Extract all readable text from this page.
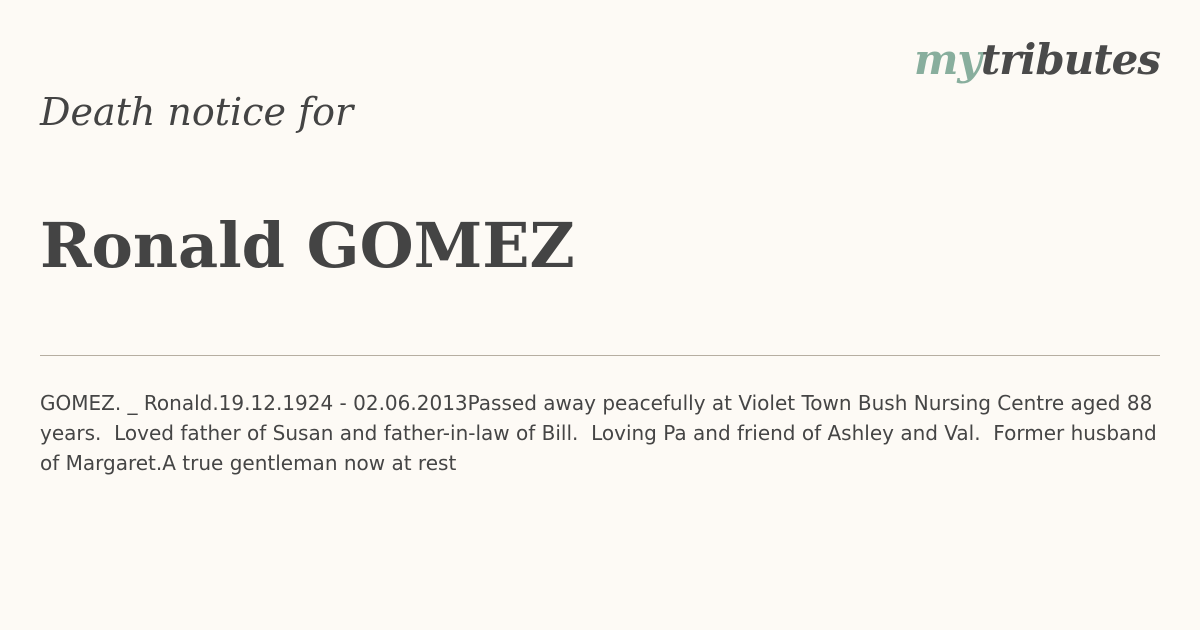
mytributes
Death notice for
Ronald GOMEZ

GOMEZ. _ Ronald.19.12.1924 - 02.06.2013Passed away peacefully at Violet Town Bush Nursing Centre aged 88 years.  Loved father of Susan and father-in-law of Bill.  Loving Pa and friend of Ashley and Val.  Former husband of Margaret.A true gentleman now at rest
